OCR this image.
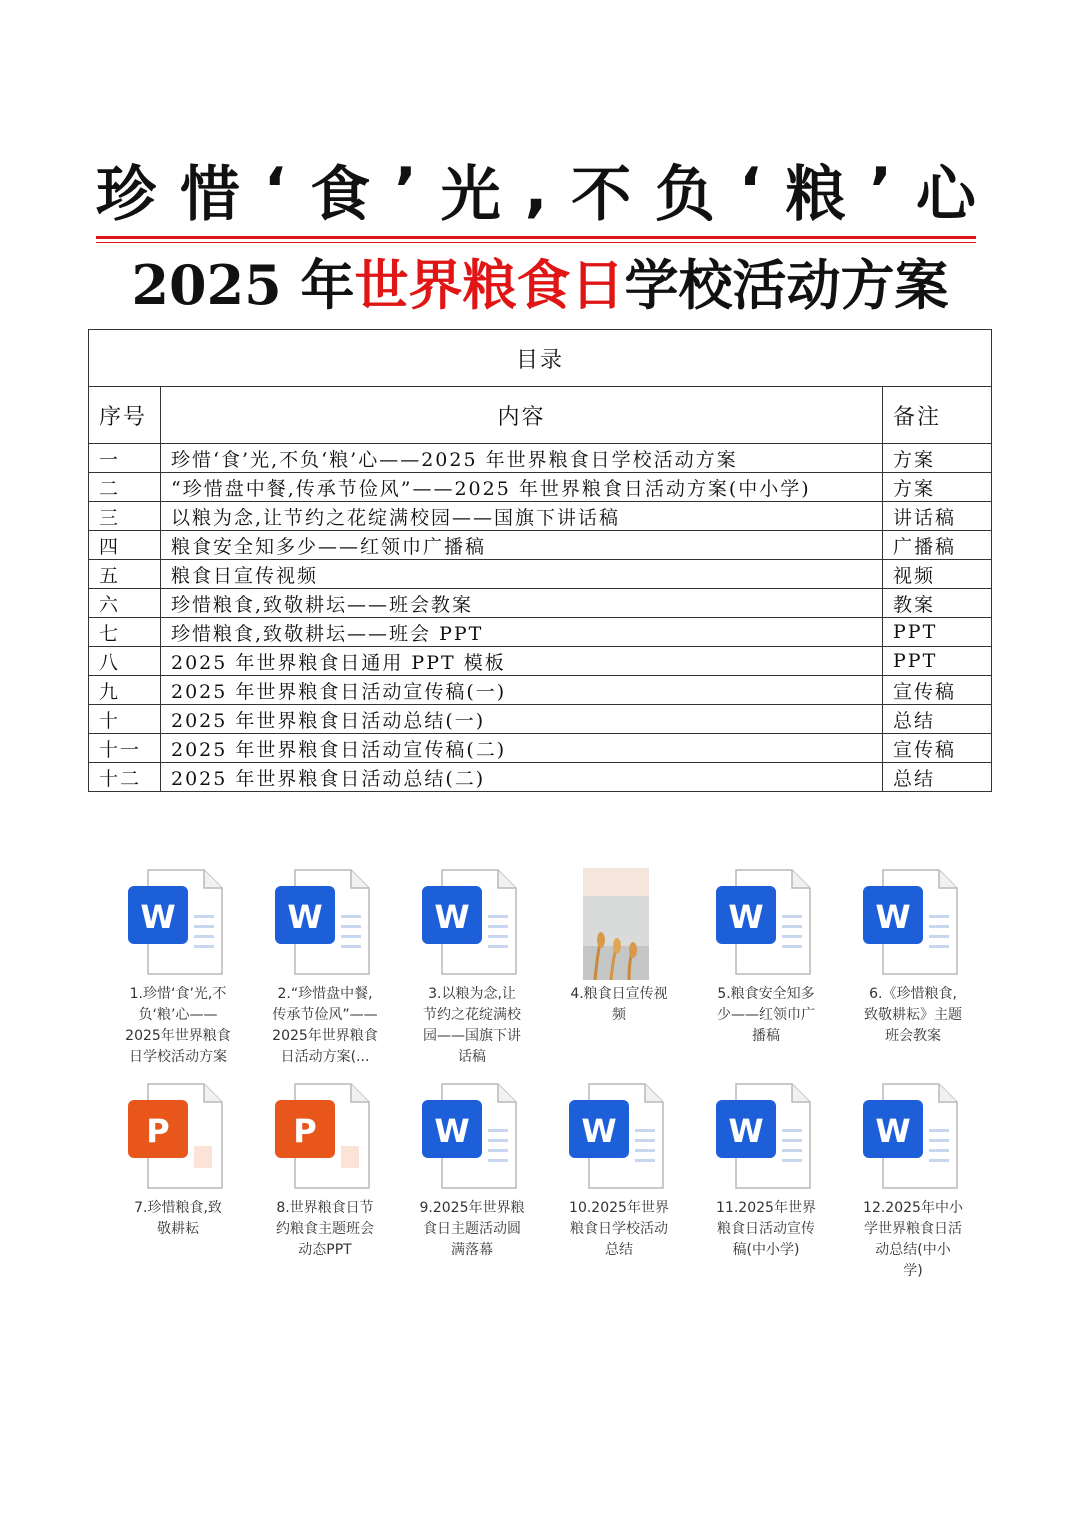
珍 惜 ‘ 食 ’ 光 , 不 负 ‘ 粮 ’ 心
2025 年世界粮食日学校活动方案
目录		
序号	内容	备注
一	珍惜‘食’光,不负‘粮’心——2025 年世界粮食日学校活动方案	方案
二	“珍惜盘中餐,传承节俭风”——2025 年世界粮食日活动方案(中小学)	方案
三	以粮为念,让节约之花绽满校园——国旗下讲话稿	讲话稿
四	粮食安全知多少——红领巾广播稿	广播稿
五	粮食日宣传视频	视频
六	珍惜粮食,致敬耕坛——班会教案	教案
七	珍惜粮食,致敬耕坛——班会 PPT	PPT
八	2025 年世界粮食日通用 PPT 模板	PPT
九	2025 年世界粮食日活动宣传稿(一)	宣传稿
十	2025 年世界粮食日活动总结(一)	总结
十一	2025 年世界粮食日活动宣传稿(二)	宣传稿
十二	2025 年世界粮食日活动总结(二)	总结
W
1.珍惜‘食’光,不
负‘粮’心——
2025年世界粮食
日学校活动方案
W
2.“珍惜盘中餐,
传承节俭风”——
2025年世界粮食
日活动方案(...
W
3.以粮为念,让
节约之花绽满校
园——国旗下讲
话稿
4.粮食日宣传视
频
W
5.粮食安全知多
少——红领巾广
播稿
W
6.《珍惜粮食,
致敬耕耘》主题
班会教案
P
7.珍惜粮食,致
敬耕耘
P
8.世界粮食日节
约粮食主题班会
动态PPT
W
9.2025年世界粮
食日主题活动圆
满落幕
W
10.2025年世界
粮食日学校活动
总结
W
11.2025年世界
粮食日活动宣传
稿(中小学)
W
12.2025年中小
学世界粮食日活
动总结(中小
学)
